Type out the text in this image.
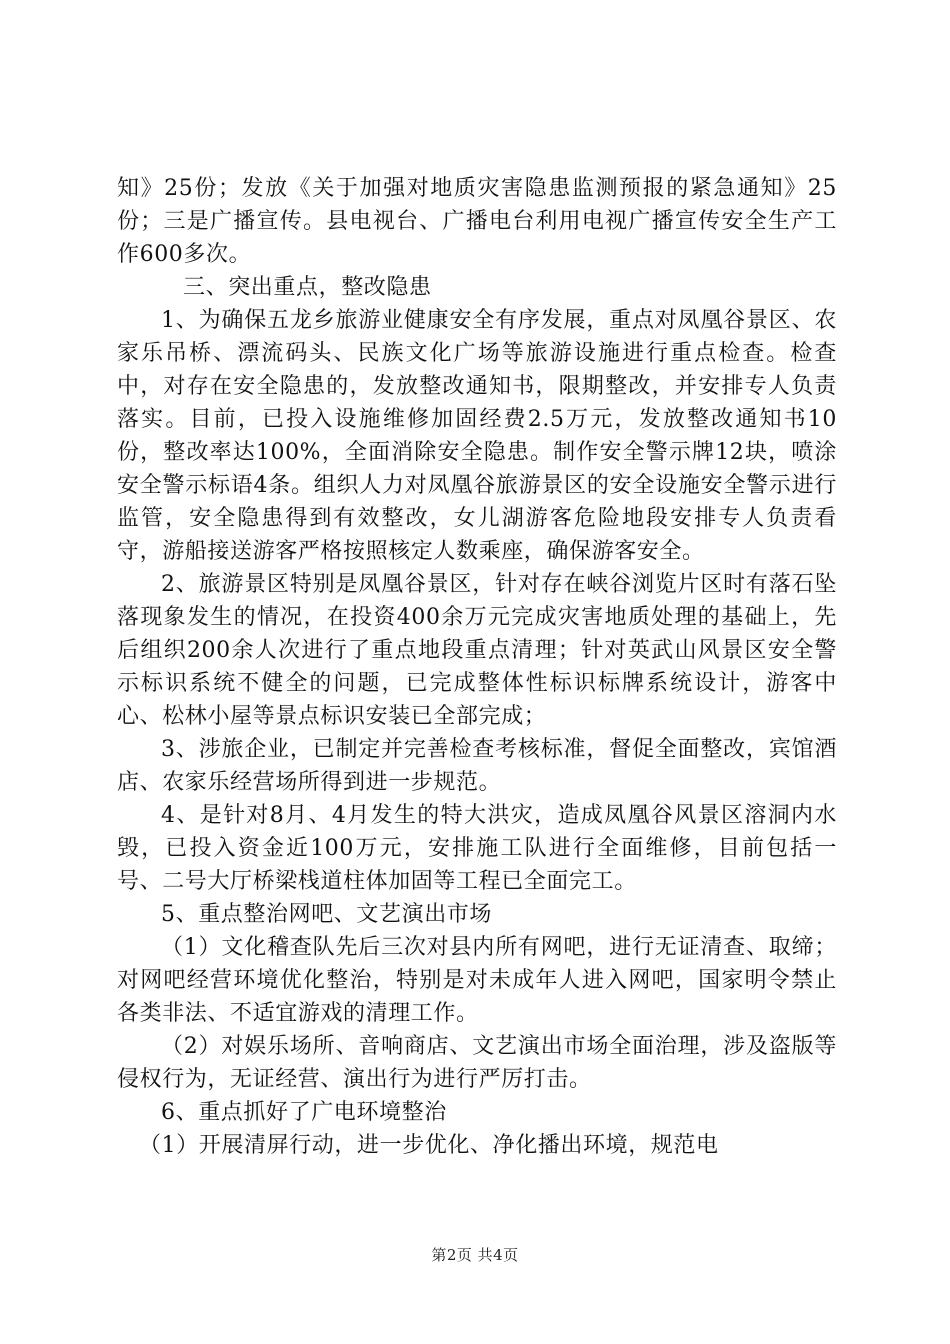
知》25份；发放《关于加强对地质灾害隐患监测预报的紧急通知》25份；三是广播宣传。县电视台、广播电台利用电视广播宣传安全生产工作600多次。

三、突出重点，整改隐患

1、为确保五龙乡旅游业健康安全有序发展，重点对凤凰谷景区、农家乐吊桥、漂流码头、民族文化广场等旅游设施进行重点检查。检查中，对存在安全隐患的，发放整改通知书，限期整改，并安排专人负责落实。目前，已投入设施维修加固经费2.5万元，发放整改通知书10份，整改率达100%，全面消除安全隐患。制作安全警示牌12块，喷涂安全警示标语4条。组织人力对凤凰谷旅游景区的安全设施安全警示进行监管，安全隐患得到有效整改，女儿湖游客危险地段安排专人负责看守，游船接送游客严格按照核定人数乘座，确保游客安全。

2、旅游景区特别是凤凰谷景区，针对存在峡谷浏览片区时有落石坠落现象发生的情况，在投资400余万元完成灾害地质处理的基础上，先后组织200余人次进行了重点地段重点清理；针对英武山风景区安全警示标识系统不健全的问题，已完成整体性标识标牌系统设计，游客中心、松林小屋等景点标识安装已全部完成；

3、涉旅企业，已制定并完善检查考核标准，督促全面整改，宾馆酒店、农家乐经营场所得到进一步规范。

4、是针对8月、4月发生的特大洪灾，造成凤凰谷风景区溶洞内水毁，已投入资金近100万元，安排施工队进行全面维修，目前包括一号、二号大厅桥梁栈道柱体加固等工程已全面完工。

5、重点整治网吧、文艺演出市场

（1）文化稽查队先后三次对县内所有网吧，进行无证清查、取缔；对网吧经营环境优化整治，特别是对未成年人进入网吧，国家明令禁止各类非法、不适宜游戏的清理工作。

（2）对娱乐场所、音响商店、文艺演出市场全面治理，涉及盗版等侵权行为，无证经营、演出行为进行严厉打击。

6、重点抓好了广电环境整治

（1）开展清屏行动，进一步优化、净化播出环境，规范电

第2页 共4页
